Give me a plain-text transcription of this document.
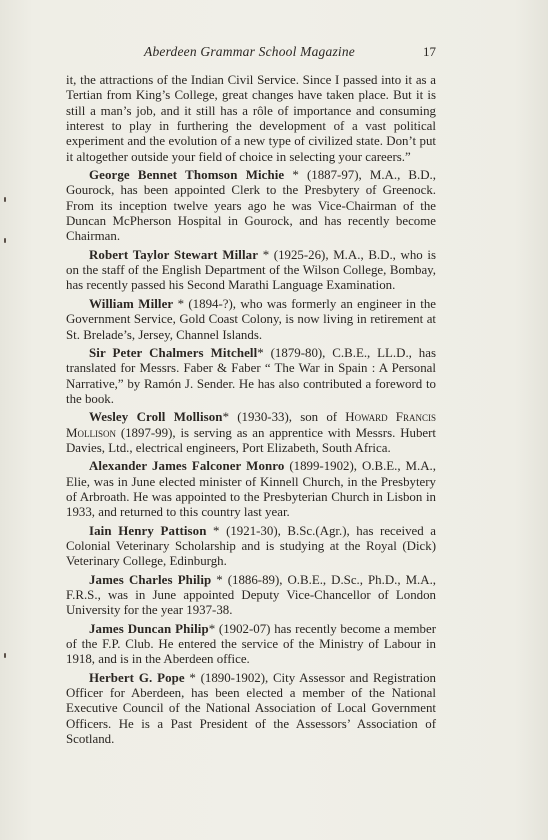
Aberdeen Grammar School Magazine	17

it, the attractions of the Indian Civil Service. Since I passed into it as a Tertian from King’s College, great changes have taken place. But it is still a man’s job, and it still has a rôle of importance and consuming interest to play in furthering the development of a vast political experiment and the evolution of a new type of civilized state. Don’t put it altogether outside your field of choice in selecting your careers.”

George Bennet Thomson Michie * (1887-97), M.A., B.D., Gourock, has been appointed Clerk to the Presbytery of Greenock. From its inception twelve years ago he was Vice-Chairman of the Duncan McPherson Hospital in Gourock, and has recently become Chairman.

Robert Taylor Stewart Millar * (1925-26), M.A., B.D., who is on the staff of the English Department of the Wilson College, Bombay, has recently passed his Second Marathi Language Examination.

William Miller * (1894-?), who was formerly an engineer in the Government Service, Gold Coast Colony, is now living in retirement at St. Brelade’s, Jersey, Channel Islands.

Sir Peter Chalmers Mitchell* (1879-80), C.B.E., LL.D., has translated for Messrs. Faber & Faber “ The War in Spain : A Personal Narrative,” by Ramón J. Sender. He has also contributed a foreword to the book.

Wesley Croll Mollison* (1930-33), son of Howard Francis Mollison (1897-99), is serving as an apprentice with Messrs. Hubert Davies, Ltd., electrical engineers, Port Elizabeth, South Africa.

Alexander James Falconer Monro (1899-1902), O.B.E., M.A., Elie, was in June elected minister of Kinnell Church, in the Presbytery of Arbroath. He was appointed to the Presbyterian Church in Lisbon in 1933, and returned to this country last year.

Iain Henry Pattison * (1921-30), B.Sc.(Agr.), has received a Colonial Veterinary Scholarship and is studying at the Royal (Dick) Veterinary College, Edinburgh.

James Charles Philip * (1886-89), O.B.E., D.Sc., Ph.D., M.A., F.R.S., was in June appointed Deputy Vice-Chancellor of London University for the year 1937-38.

James Duncan Philip* (1902-07) has recently become a member of the F.P. Club. He entered the service of the Ministry of Labour in 1918, and is in the Aberdeen office.

Herbert G. Pope * (1890-1902), City Assessor and Registration Officer for Aberdeen, has been elected a member of the National Executive Council of the National Association of Local Government Officers. He is a Past President of the Assessors’ Association of Scotland.
